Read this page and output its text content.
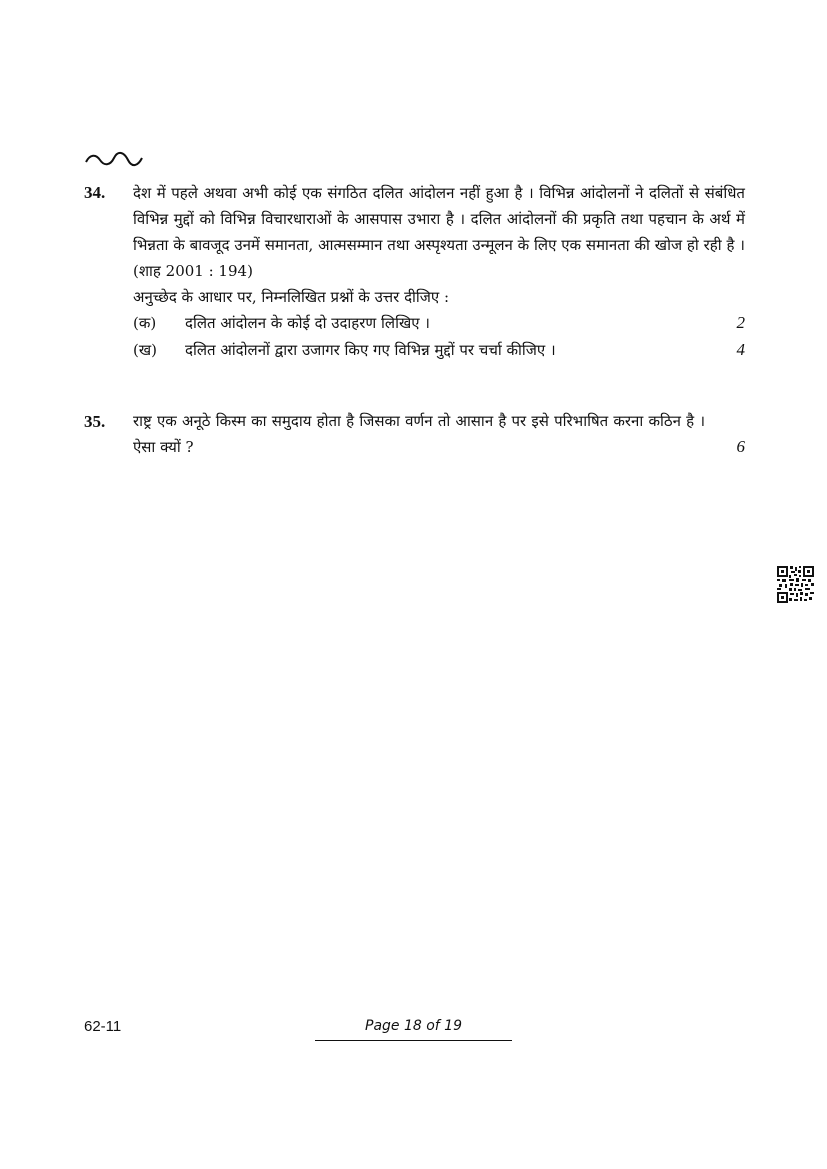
34. देश में पहले अथवा अभी कोई एक संगठित दलित आंदोलन नहीं हुआ है । विभिन्न आंदोलनों ने दलितों से संबंधित विभिन्न मुद्दों को विभिन्न विचारधाराओं के आसपास उभारा है । दलित आंदोलनों की प्रकृति तथा पहचान के अर्थ में भिन्नता के बावजूद उनमें समानता, आत्मसम्मान तथा अस्पृश्यता उन्मूलन के लिए एक समानता की खोज हो रही है । (शाह 2001 : 194)
अनुच्छेद के आधार पर, निम्नलिखित प्रश्नों के उत्तर दीजिए :
(क) दलित आंदोलन के कोई दो उदाहरण लिखिए ।	2
(ख) दलित आंदोलनों द्वारा उजागर किए गए विभिन्न मुद्दों पर चर्चा कीजिए ।	4
35. राष्ट्र एक अनूठे किस्म का समुदाय होता है जिसका वर्णन तो आसान है पर इसे परिभाषित करना कठिन है । ऐसा क्यों ?	6
62-11	Page 18 of 19
